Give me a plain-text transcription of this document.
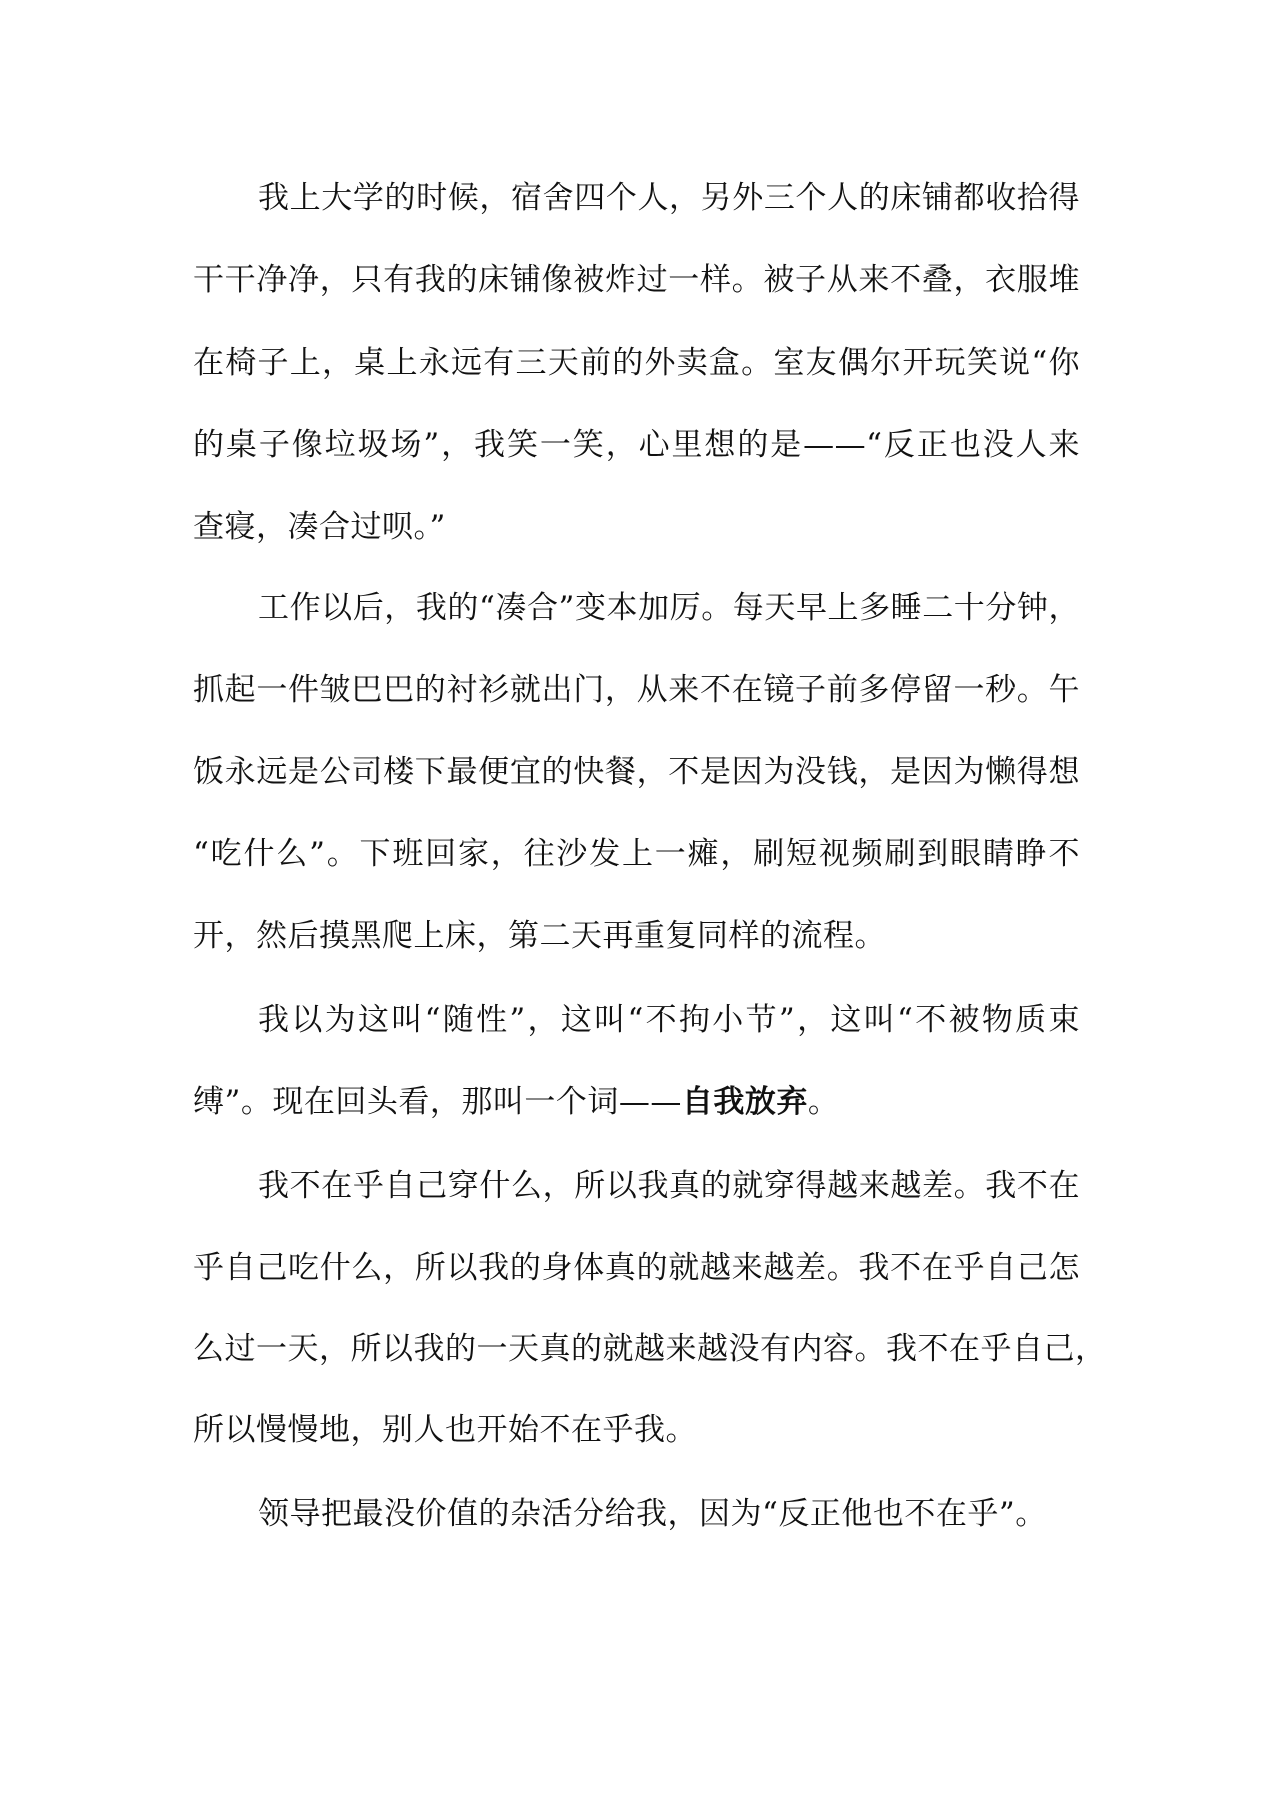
我上大学的时候，宿舍四个人，另外三个人的床铺都收拾得
干干净净，只有我的床铺像被炸过一样。被子从来不叠，衣服堆
在椅子上，桌上永远有三天前的外卖盒。室友偶尔开玩笑说“你
的桌子像垃圾场”，我笑一笑，心里想的是——“反正也没人来
查寝，凑合过呗。”
工作以后，我的“凑合”变本加厉。每天早上多睡二十分钟，
抓起一件皱巴巴的衬衫就出门，从来不在镜子前多停留一秒。午
饭永远是公司楼下最便宜的快餐，不是因为没钱，是因为懒得想
“吃什么”。下班回家，往沙发上一瘫，刷短视频刷到眼睛睁不
开，然后摸黑爬上床，第二天再重复同样的流程。
我以为这叫“随性”，这叫“不拘小节”，这叫“不被物质束
缚”。现在回头看，那叫一个词——自我放弃。
我不在乎自己穿什么，所以我真的就穿得越来越差。我不在
乎自己吃什么，所以我的身体真的就越来越差。我不在乎自己怎
么过一天，所以我的一天真的就越来越没有内容。我不在乎自己，
所以慢慢地，别人也开始不在乎我。
领导把最没价值的杂活分给我，因为“反正他也不在乎”。
